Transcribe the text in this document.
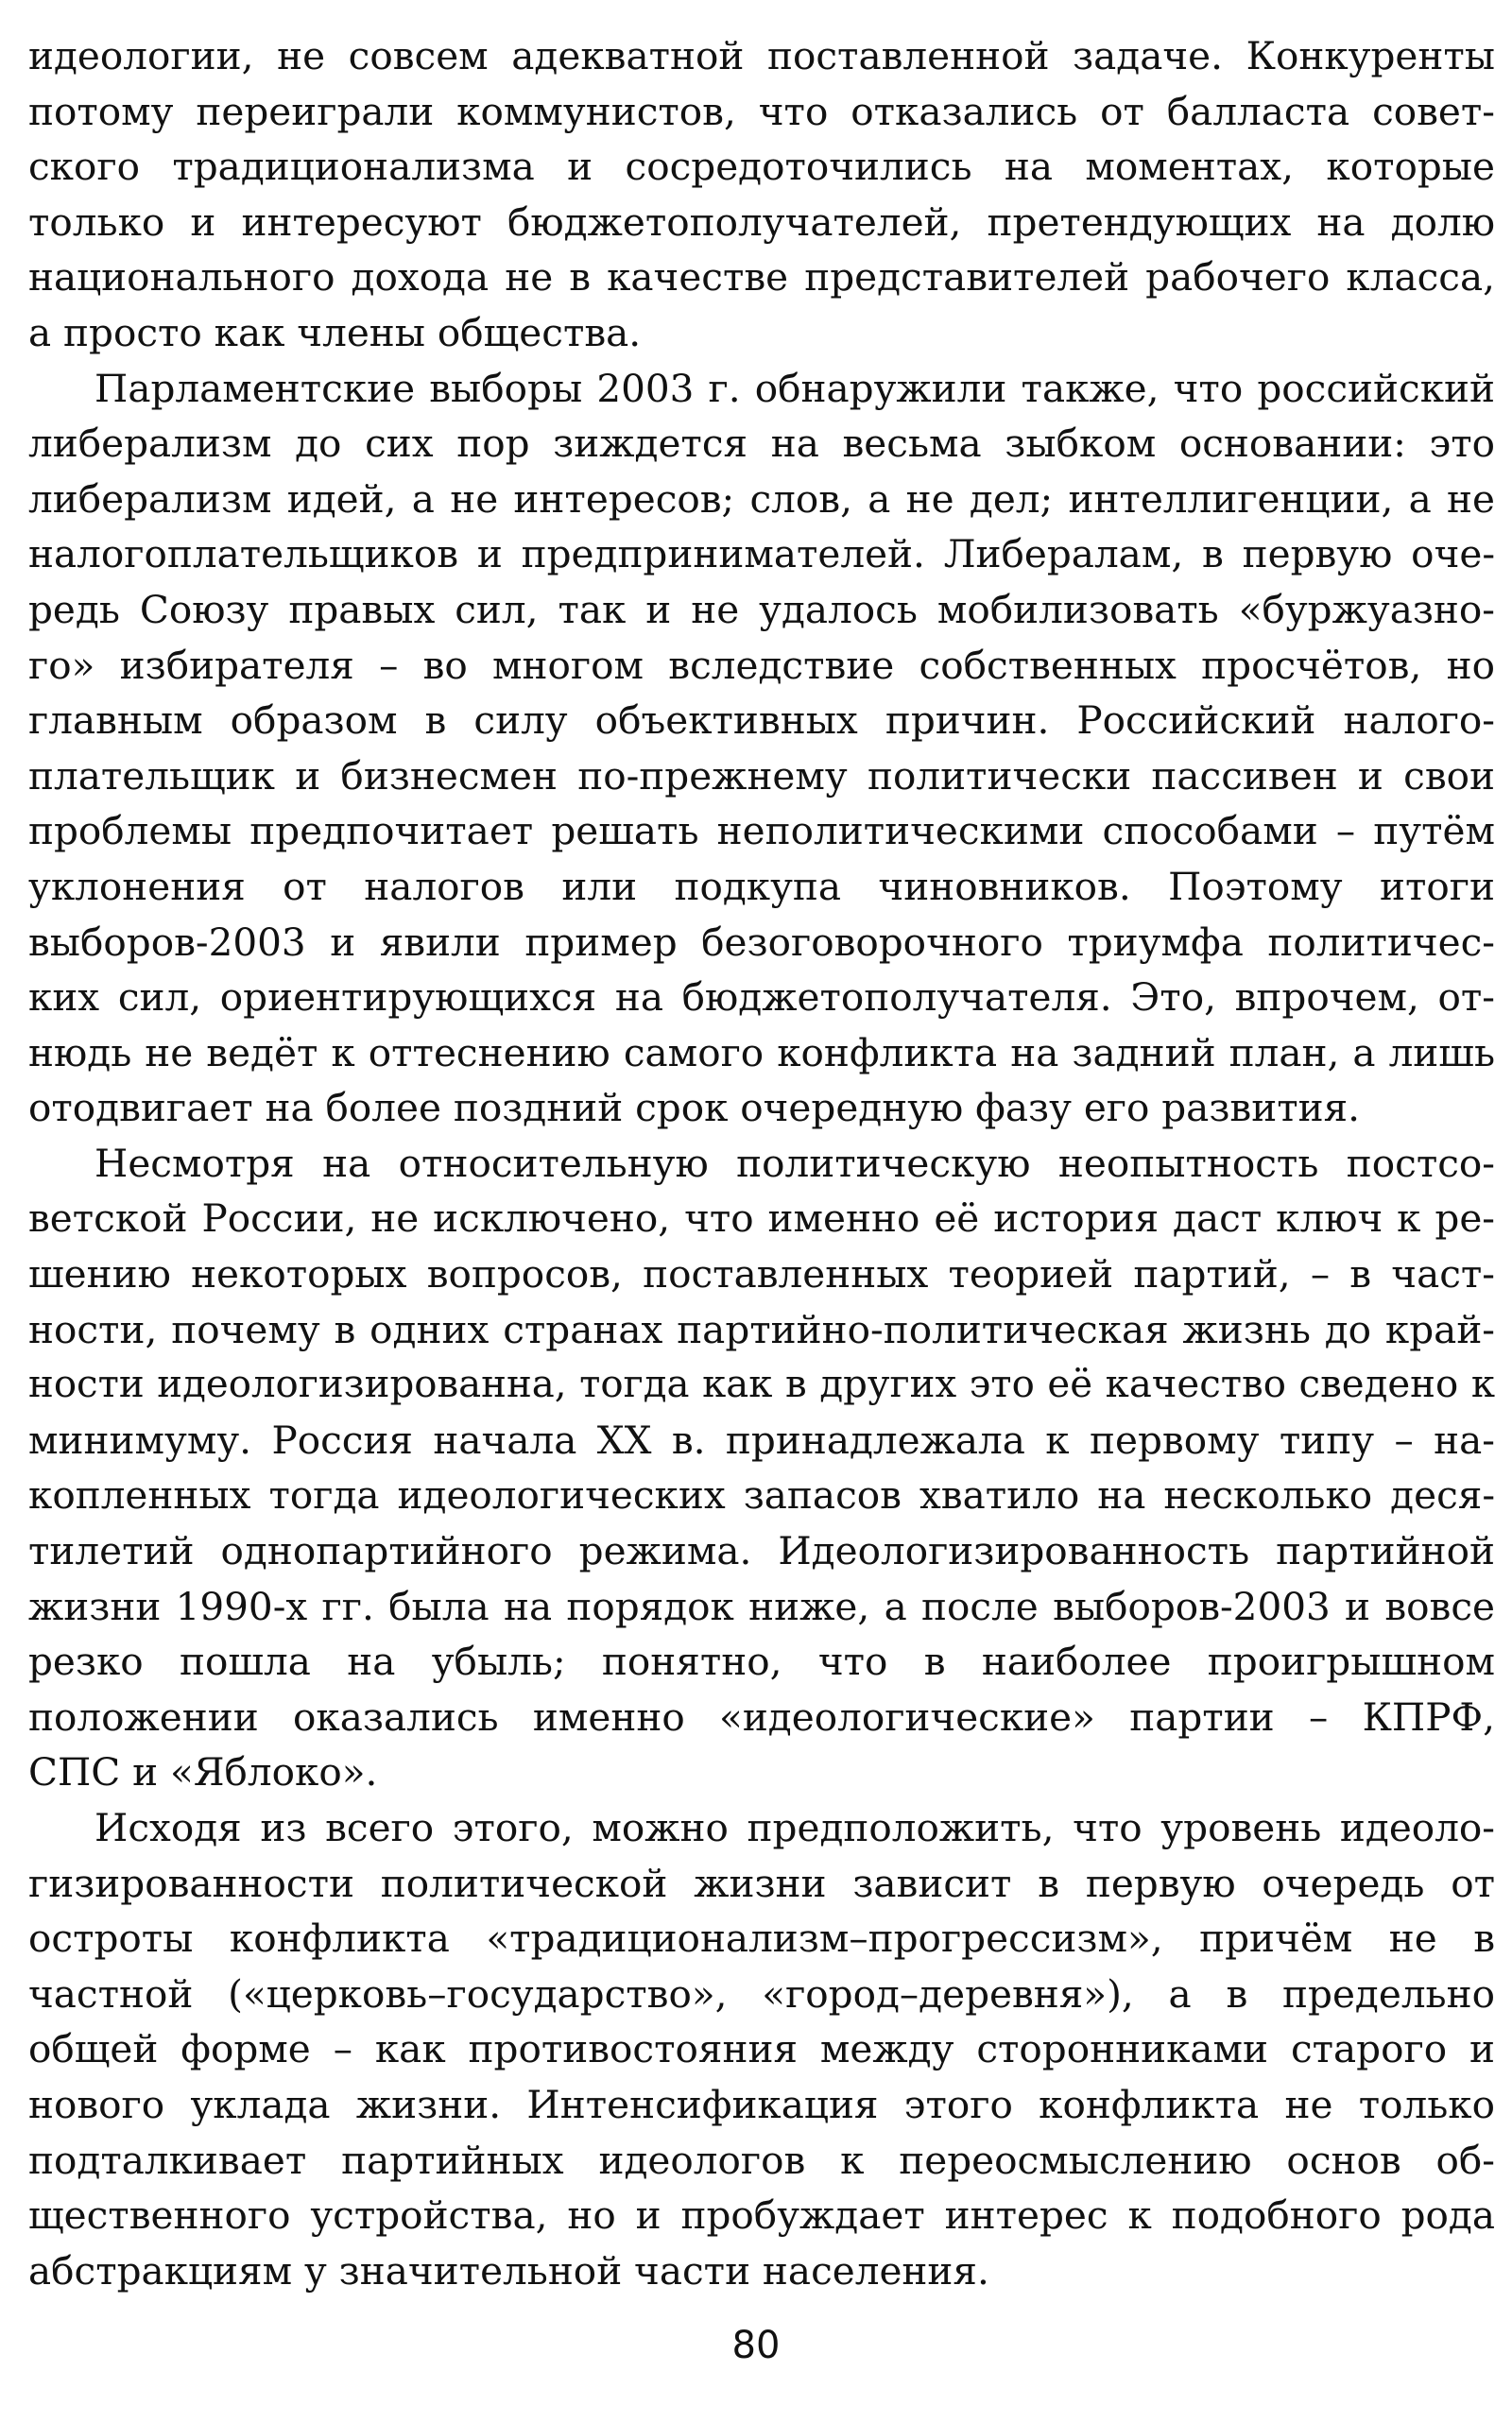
идеологии, не совсем адекватной поставленной задаче. Конкуренты
потому переиграли коммунистов, что отказались от балласта совет-
ского традиционализма и сосредоточились на моментах, которые
только и интересуют бюджетополучателей, претендующих на долю
национального дохода не в качестве представителей рабочего класса,
а просто как члены общества.
Парламентские выборы 2003 г. обнаружили также, что российский
либерализм до сих пор зиждется на весьма зыбком основании: это
либерализм идей, а не интересов; слов, а не дел; интеллигенции, а не
налогоплательщиков и предпринимателей. Либералам, в первую оче-
редь Союзу правых сил, так и не удалось мобилизовать «буржуазно-
го» избирателя – во многом вследствие собственных просчётов, но
главным образом в силу объективных причин. Российский налого-
плательщик и бизнесмен по-прежнему политически пассивен и свои
проблемы предпочитает решать неполитическими способами – путём
уклонения от налогов или подкупа чиновников. Поэтому итоги
выборов-2003 и явили пример безоговорочного триумфа политичес-
ких сил, ориентирующихся на бюджетополучателя. Это, впрочем, от-
нюдь не ведёт к оттеснению самого конфликта на задний план, а лишь
отодвигает на более поздний срок очередную фазу его развития.
Несмотря на относительную политическую неопытность постсо-
ветской России, не исключено, что именно её история даст ключ к ре-
шению некоторых вопросов, поставленных теорией партий, – в част-
ности, почему в одних странах партийно-политическая жизнь до край-
ности идеологизированна, тогда как в других это её качество сведено к
минимуму. Россия начала XX в. принадлежала к первому типу – на-
копленных тогда идеологических запасов хватило на несколько деся-
тилетий однопартийного режима. Идеологизированность партийной
жизни 1990-х гг. была на порядок ниже, а после выборов-2003 и вовсе
резко пошла на убыль; понятно, что в наиболее проигрышном
положении оказались именно «идеологические» партии – КПРФ,
СПС и «Яблоко».
Исходя из всего этого, можно предположить, что уровень идеоло-
гизированности политической жизни зависит в первую очередь от
остроты конфликта «традиционализм–прогрессизм», причём не в
частной («церковь–государство», «город–деревня»), а в предельно
общей форме – как противостояния между сторонниками старого и
нового уклада жизни. Интенсификация этого конфликта не только
подталкивает партийных идеологов к переосмыслению основ об-
щественного устройства, но и пробуждает интерес к подобного рода
абстракциям у значительной части населения.
80
